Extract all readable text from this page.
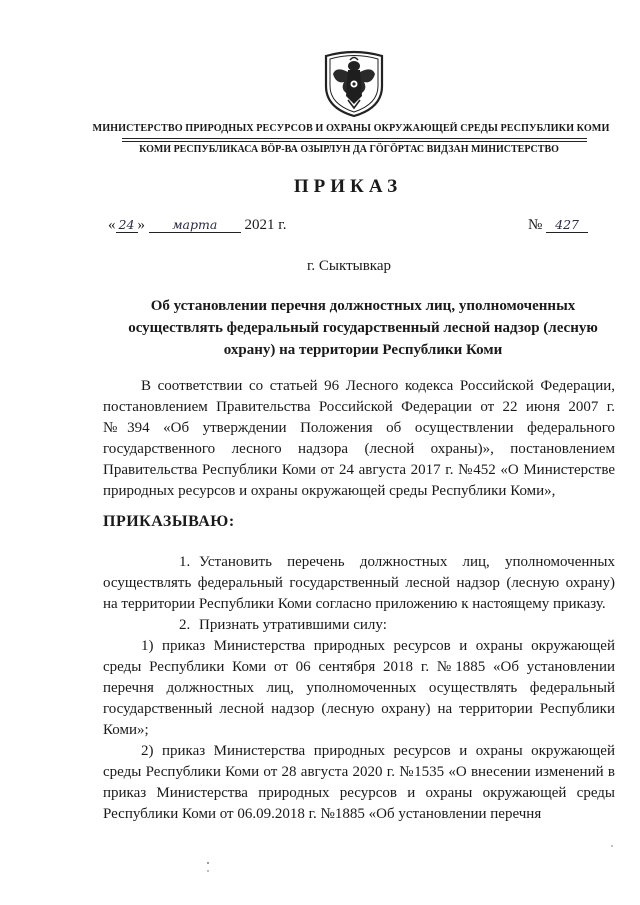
МИНИСТЕРСТВО ПРИРОДНЫХ РЕСУРСОВ И ОХРАНЫ ОКРУЖАЮЩЕЙ СРЕДЫ РЕСПУБЛИКИ КОМИ
КОМИ РЕСПУБЛИКАСА ВӦР-ВА ОЗЫРЛУН ДА ГӦГӦРТАС ВИДЗАН МИНИСТЕРСТВО
ПРИКАЗ
« 24 » марта 2021 г.	№ 427
г. Сыктывкар
Об установлении перечня должностных лиц, уполномоченных осуществлять федеральный государственный лесной надзор (лесную охрану) на территории Республики Коми

В соответствии со статьей 96 Лесного кодекса Российской Федерации, постановлением Правительства Российской Федерации от 22 июня 2007 г. №394 «Об утверждении Положения об осуществлении федерального государственного лесного надзора (лесной охраны)», постановлением Правительства Республики Коми от 24 августа 2017 г. №452 «О Министерстве природных ресурсов и охраны окружающей среды Республики Коми»,

ПРИКАЗЫВАЮ:

1. Установить перечень должностных лиц, уполномоченных осуществлять федеральный государственный лесной надзор (лесную охрану) на территории Республики Коми согласно приложению к настоящему приказу.

2. Признать утратившими силу:

1) приказ Министерства природных ресурсов и охраны окружающей среды Республики Коми от 06 сентября 2018 г. №1885 «Об установлении перечня должностных лиц, уполномоченных осуществлять федеральный государственный лесной надзор (лесную охрану) на территории Республики Коми»;

2) приказ Министерства природных ресурсов и охраны окружающей среды Республики Коми от 28 августа 2020 г. №1535 «О внесении изменений в приказ Министерства природных ресурсов и охраны окружающей среды Республики Коми от 06.09.2018 г. №1885 «Об установлении перечня
